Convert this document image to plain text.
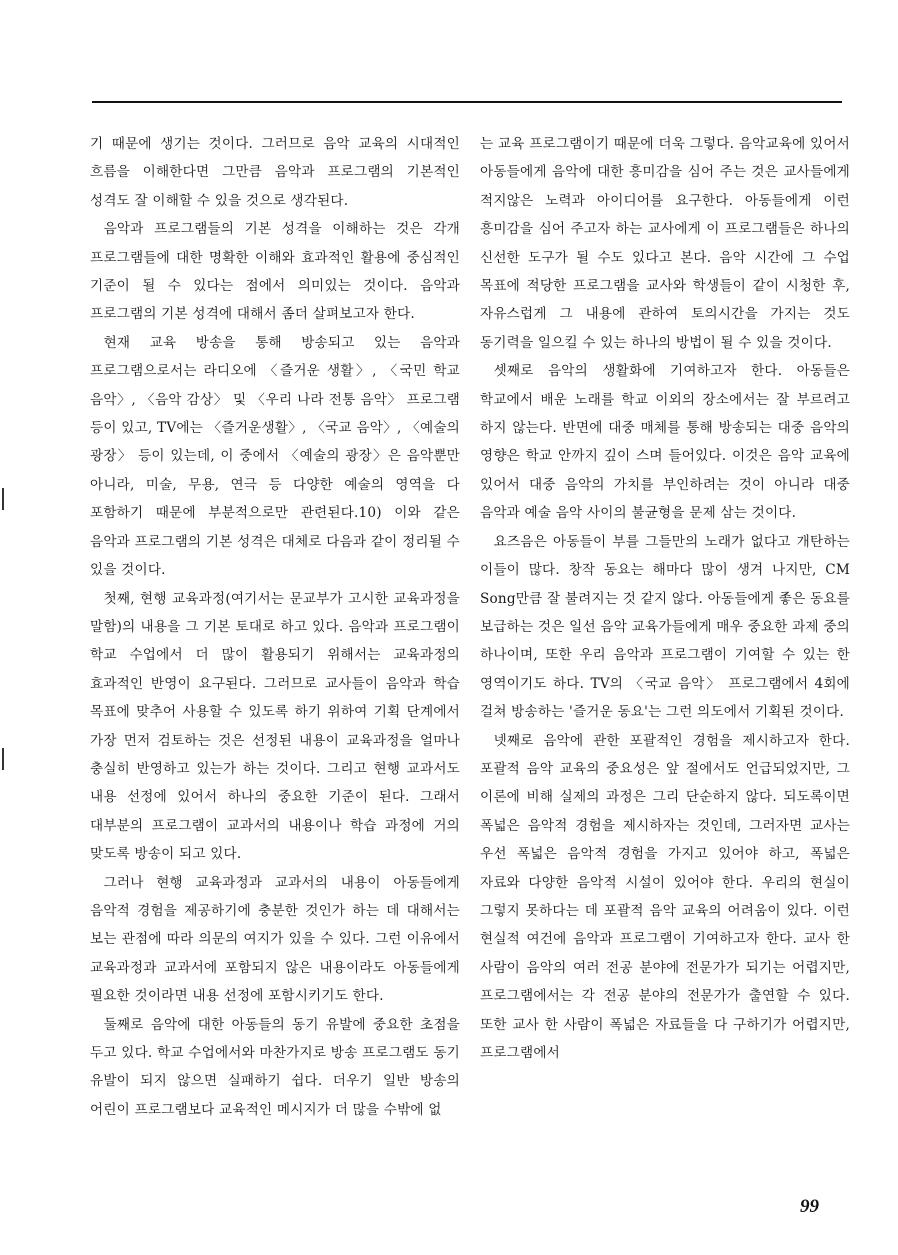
기 때문에 생기는 것이다. 그러므로 음악 교육의 시대적인 흐름을 이해한다면 그만큼 음악과 프로그램의 기본적인 성격도 잘 이해할 수 있을 것으로 생각된다.

음악과 프로그램들의 기본 성격을 이해하는 것은 각개 프로그램들에 대한 명확한 이해와 효과적인 활용에 중심적인 기준이 될 수 있다는 점에서 의미있는 것이다. 음악과 프로그램의 기본 성격에 대해서 좀더 살펴보고자 한다.

현재 교육 방송을 통해 방송되고 있는 음악과 프로그램으로서는 라디오에 〈즐거운 생활〉, 〈국민 학교 음악〉, 〈음악 감상〉 및 〈우리 나라 전통 음악〉 프로그램 등이 있고, TV에는 〈즐거운생활〉, 〈국교 음악〉, 〈예술의 광장〉 등이 있는데, 이 중에서 〈예술의 광장〉은 음악뿐만 아니라, 미술, 무용, 연극 등 다양한 예술의 영역을 다 포함하기 때문에 부분적으로만 관련된다.10) 이와 같은 음악과 프로그램의 기본 성격은 대체로 다음과 같이 정리될 수 있을 것이다.

첫째, 현행 교육과정(여기서는 문교부가 고시한 교육과정을 말함)의 내용을 그 기본 토대로 하고 있다. 음악과 프로그램이 학교 수업에서 더 많이 활용되기 위해서는 교육과정의 효과적인 반영이 요구된다. 그러므로 교사들이 음악과 학습 목표에 맞추어 사용할 수 있도록 하기 위하여 기획 단계에서 가장 먼저 검토하는 것은 선정된 내용이 교육과정을 얼마나 충실히 반영하고 있는가 하는 것이다. 그리고 현행 교과서도 내용 선정에 있어서 하나의 중요한 기준이 된다. 그래서 대부분의 프로그램이 교과서의 내용이나 학습 과정에 거의 맞도록 방송이 되고 있다.

그러나 현행 교육과정과 교과서의 내용이 아동들에게 음악적 경험을 제공하기에 충분한 것인가 하는 데 대해서는 보는 관점에 따라 의문의 여지가 있을 수 있다. 그런 이유에서 교육과정과 교과서에 포함되지 않은 내용이라도 아동들에게 필요한 것이라면 내용 선정에 포함시키기도 한다.

둘째로 음악에 대한 아동들의 동기 유발에 중요한 초점을 두고 있다. 학교 수업에서와 마찬가지로 방송 프로그램도 동기 유발이 되지 않으면 실패하기 쉽다. 더우기 일반 방송의 어린이 프로그램보다 교육적인 메시지가 더 많을 수밖에 없

는 교육 프로그램이기 때문에 더욱 그렇다. 음악교육에 있어서 아동들에게 음악에 대한 흥미감을 심어 주는 것은 교사들에게 적지않은 노력과 아이디어를 요구한다. 아동들에게 이런 흥미감을 심어 주고자 하는 교사에게 이 프로그램들은 하나의 신선한 도구가 될 수도 있다고 본다. 음악 시간에 그 수업 목표에 적당한 프로그램을 교사와 학생들이 같이 시청한 후, 자유스럽게 그 내용에 관하여 토의시간을 가지는 것도 동기력을 일으킬 수 있는 하나의 방법이 될 수 있을 것이다.

셋째로 음악의 생활화에 기여하고자 한다. 아동들은 학교에서 배운 노래를 학교 이외의 장소에서는 잘 부르려고 하지 않는다. 반면에 대중 매체를 통해 방송되는 대중 음악의 영향은 학교 안까지 깊이 스며 들어있다. 이것은 음악 교육에 있어서 대중 음악의 가치를 부인하려는 것이 아니라 대중 음악과 예술 음악 사이의 불균형을 문제 삼는 것이다.

요즈음은 아동들이 부를 그들만의 노래가 없다고 개탄하는 이들이 많다. 창작 동요는 해마다 많이 생겨 나지만, CM Song만큼 잘 불려지는 것 같지 않다. 아동들에게 좋은 동요를 보급하는 것은 일선 음악 교육가들에게 매우 중요한 과제 중의 하나이며, 또한 우리 음악과 프로그램이 기여할 수 있는 한 영역이기도 하다. TV의 〈국교 음악〉 프로그램에서 4회에 걸쳐 방송하는 '즐거운 동요'는 그런 의도에서 기획된 것이다.

넷째로 음악에 관한 포괄적인 경험을 제시하고자 한다. 포괄적 음악 교육의 중요성은 앞 절에서도 언급되었지만, 그 이론에 비해 실제의 과정은 그리 단순하지 않다. 되도록이면 폭넓은 음악적 경험을 제시하자는 것인데, 그러자면 교사는 우선 폭넓은 음악적 경험을 가지고 있어야 하고, 폭넓은 자료와 다양한 음악적 시설이 있어야 한다. 우리의 현실이 그렇지 못하다는 데 포괄적 음악 교육의 어려움이 있다. 이런 현실적 여건에 음악과 프로그램이 기여하고자 한다. 교사 한 사람이 음악의 여러 전공 분야에 전문가가 되기는 어렵지만, 프로그램에서는 각 전공 분야의 전문가가 출연할 수 있다. 또한 교사 한 사람이 폭넓은 자료들을 다 구하기가 어렵지만, 프로그램에서

99
